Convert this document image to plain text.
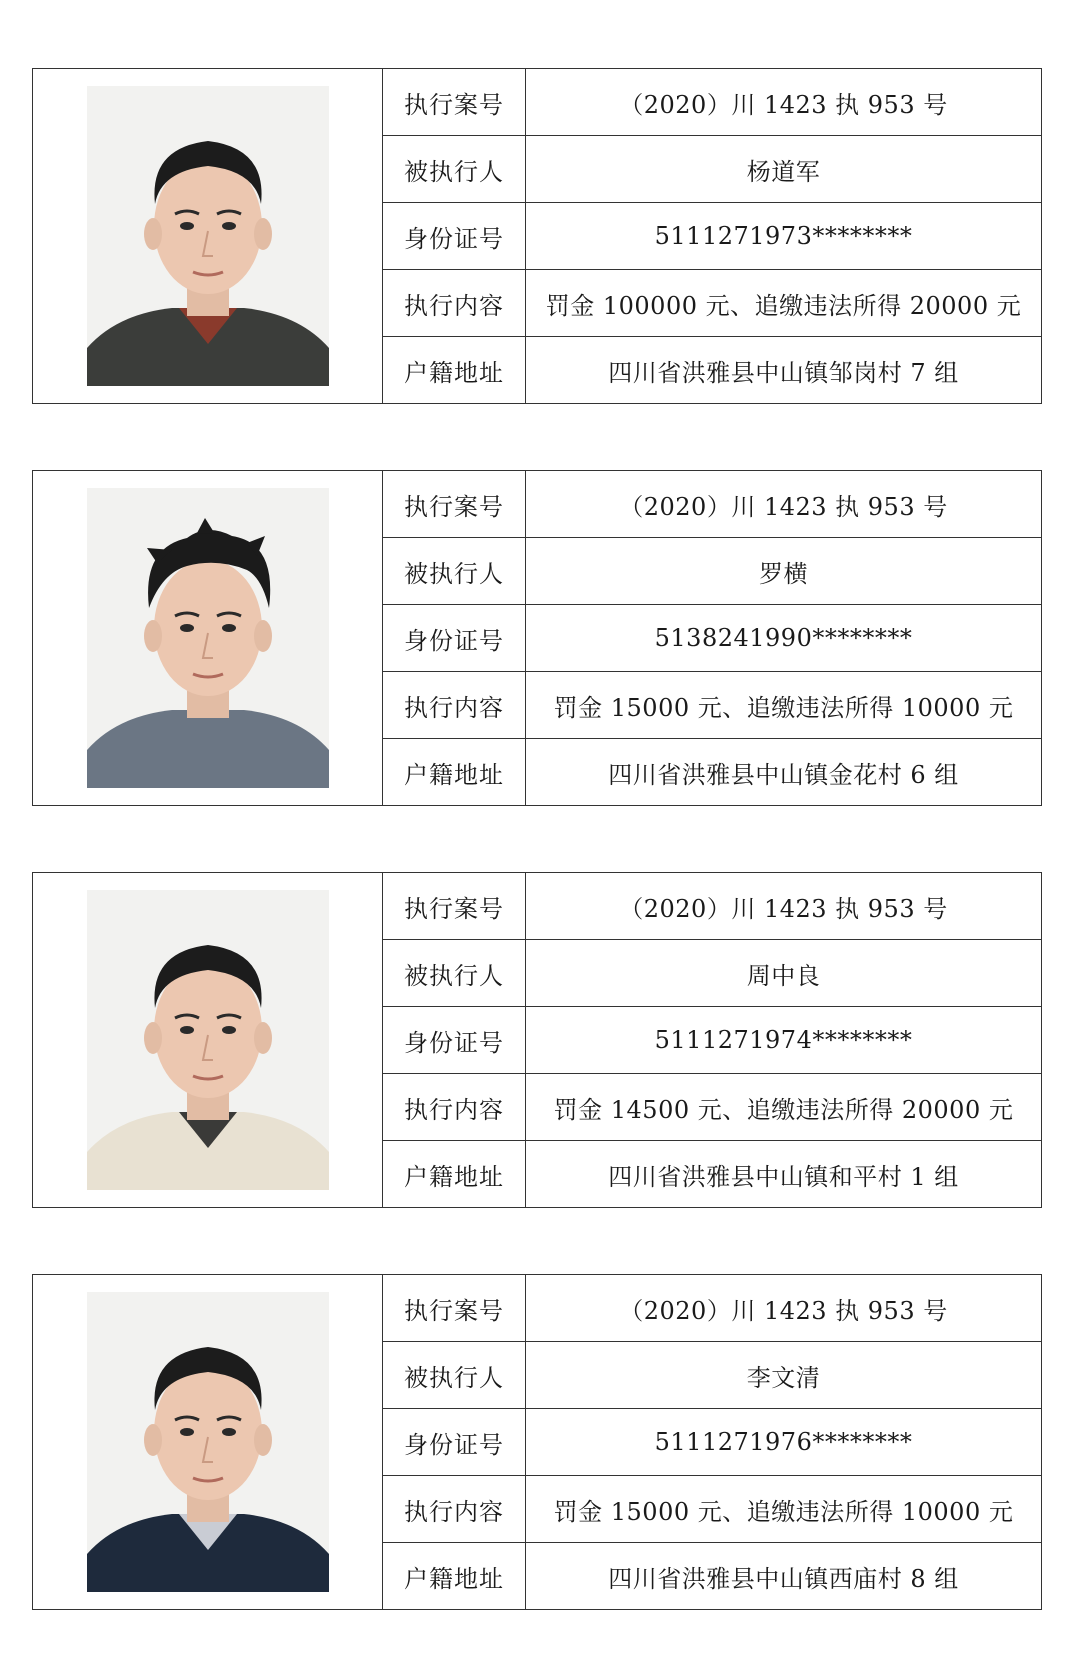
执行案号	（2020）川 1423 执 953 号
被执行人	杨道军
身份证号	5111271973********
执行内容	罚金 100000 元、追缴违法所得 20000 元
户籍地址	四川省洪雅县中山镇邹岗村 7 组
执行案号	（2020）川 1423 执 953 号
被执行人	罗横
身份证号	5138241990********
执行内容	罚金 15000 元、追缴违法所得 10000 元
户籍地址	四川省洪雅县中山镇金花村 6 组
执行案号	（2020）川 1423 执 953 号
被执行人	周中良
身份证号	5111271974********
执行内容	罚金 14500 元、追缴违法所得 20000 元
户籍地址	四川省洪雅县中山镇和平村 1 组
执行案号	（2020）川 1423 执 953 号
被执行人	李文清
身份证号	5111271976********
执行内容	罚金 15000 元、追缴违法所得 10000 元
户籍地址	四川省洪雅县中山镇西庙村 8 组
